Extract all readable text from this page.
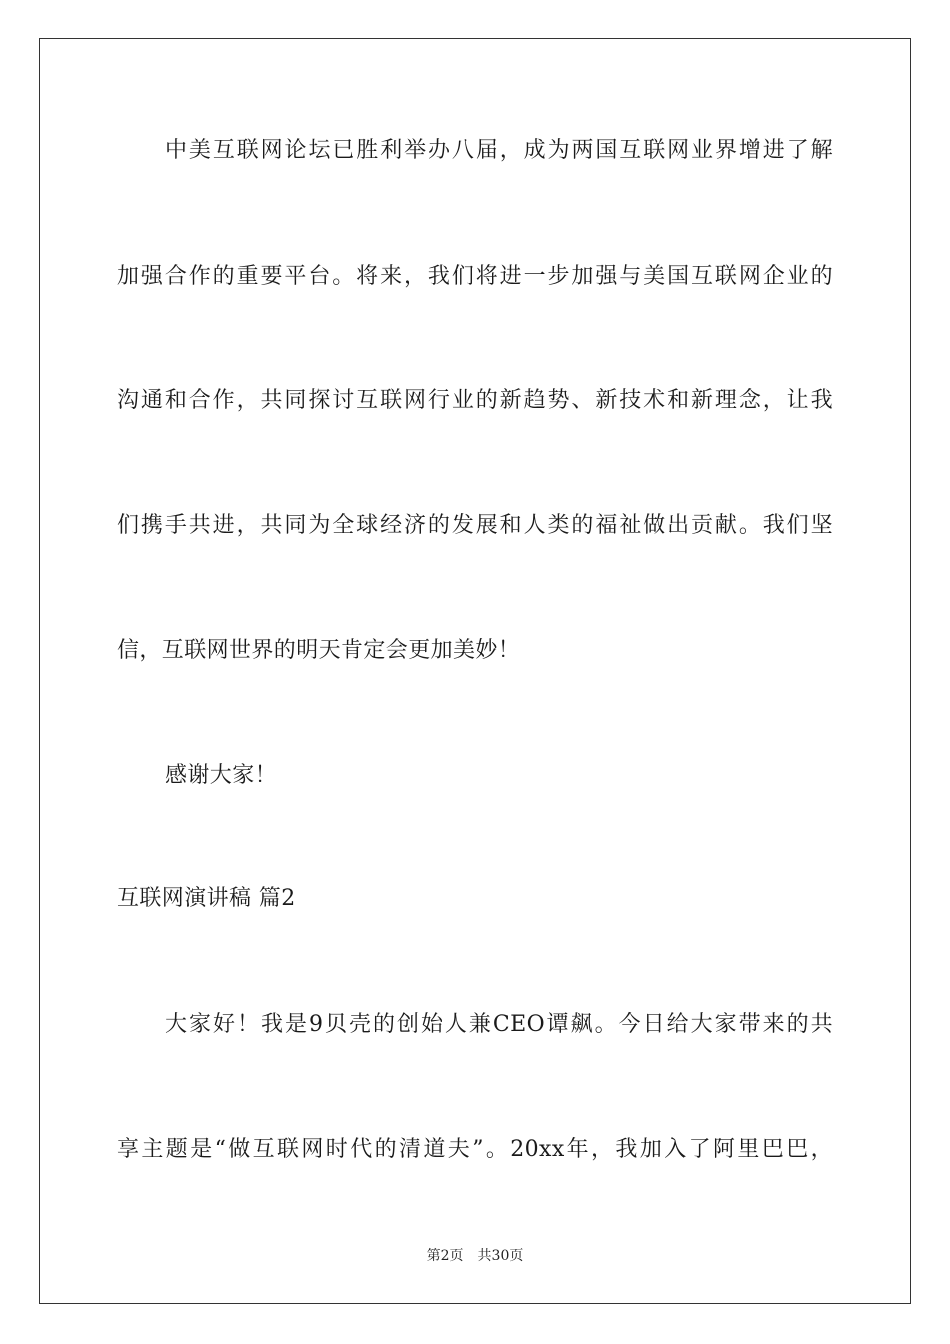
中美互联网论坛已胜利举办八届，成为两国互联网业界增进了解
加强合作的重要平台。将来，我们将进一步加强与美国互联网企业的
沟通和合作，共同探讨互联网行业的新趋势、新技术和新理念，让我
们携手共进，共同为全球经济的发展和人类的福祉做出贡献。我们坚
信，互联网世界的明天肯定会更加美妙！
感谢大家！
互联网演讲稿 篇2
大家好！我是9贝壳的创始人兼CEO谭飙。今日给大家带来的共
享主题是“做互联网时代的清道夫”。20xx年，我加入了阿里巴巴，
第2页 共30页
